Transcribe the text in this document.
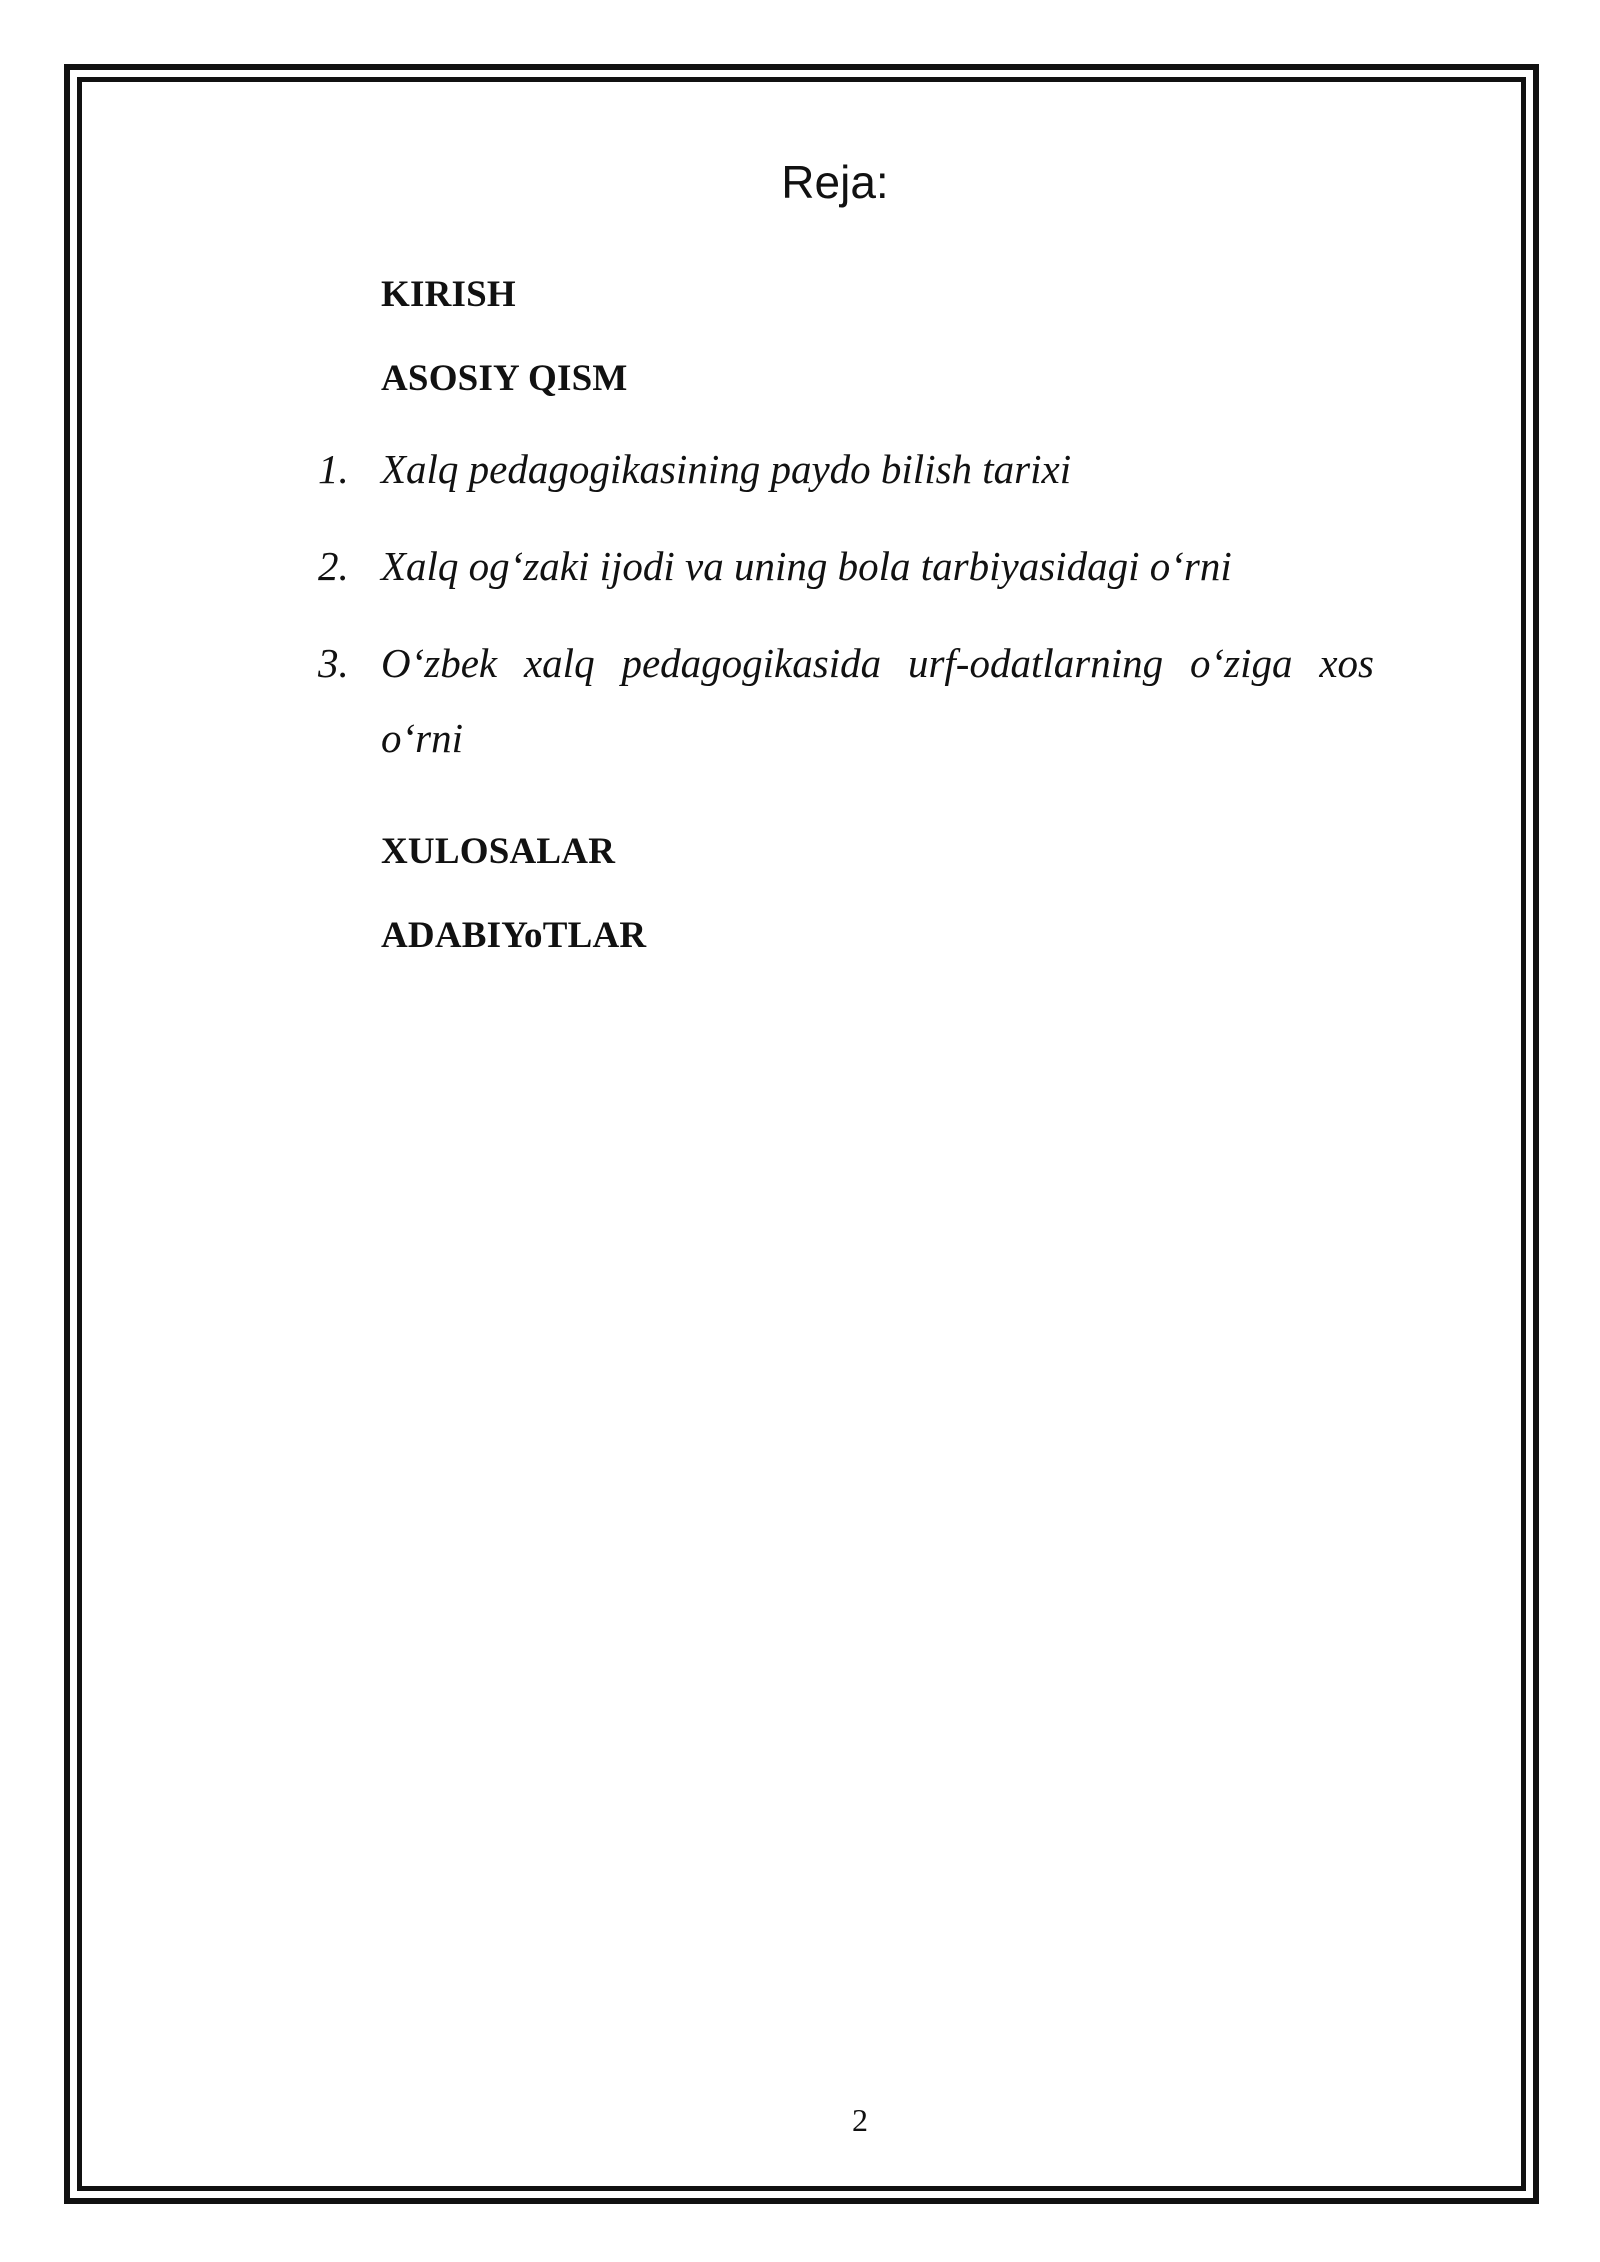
Reja:
KIRISH
ASOSIY QISM
1. Xalq pedagogikasining paydo bilish tarixi
2. Xalq og‘zaki ijodi va uning bola tarbiyasidagi o‘rni
3. O‘zbek xalq pedagogikasida urf-odatlarning o‘ziga xos
o‘rni
XULOSALAR
ADABIYoTLAR
2
